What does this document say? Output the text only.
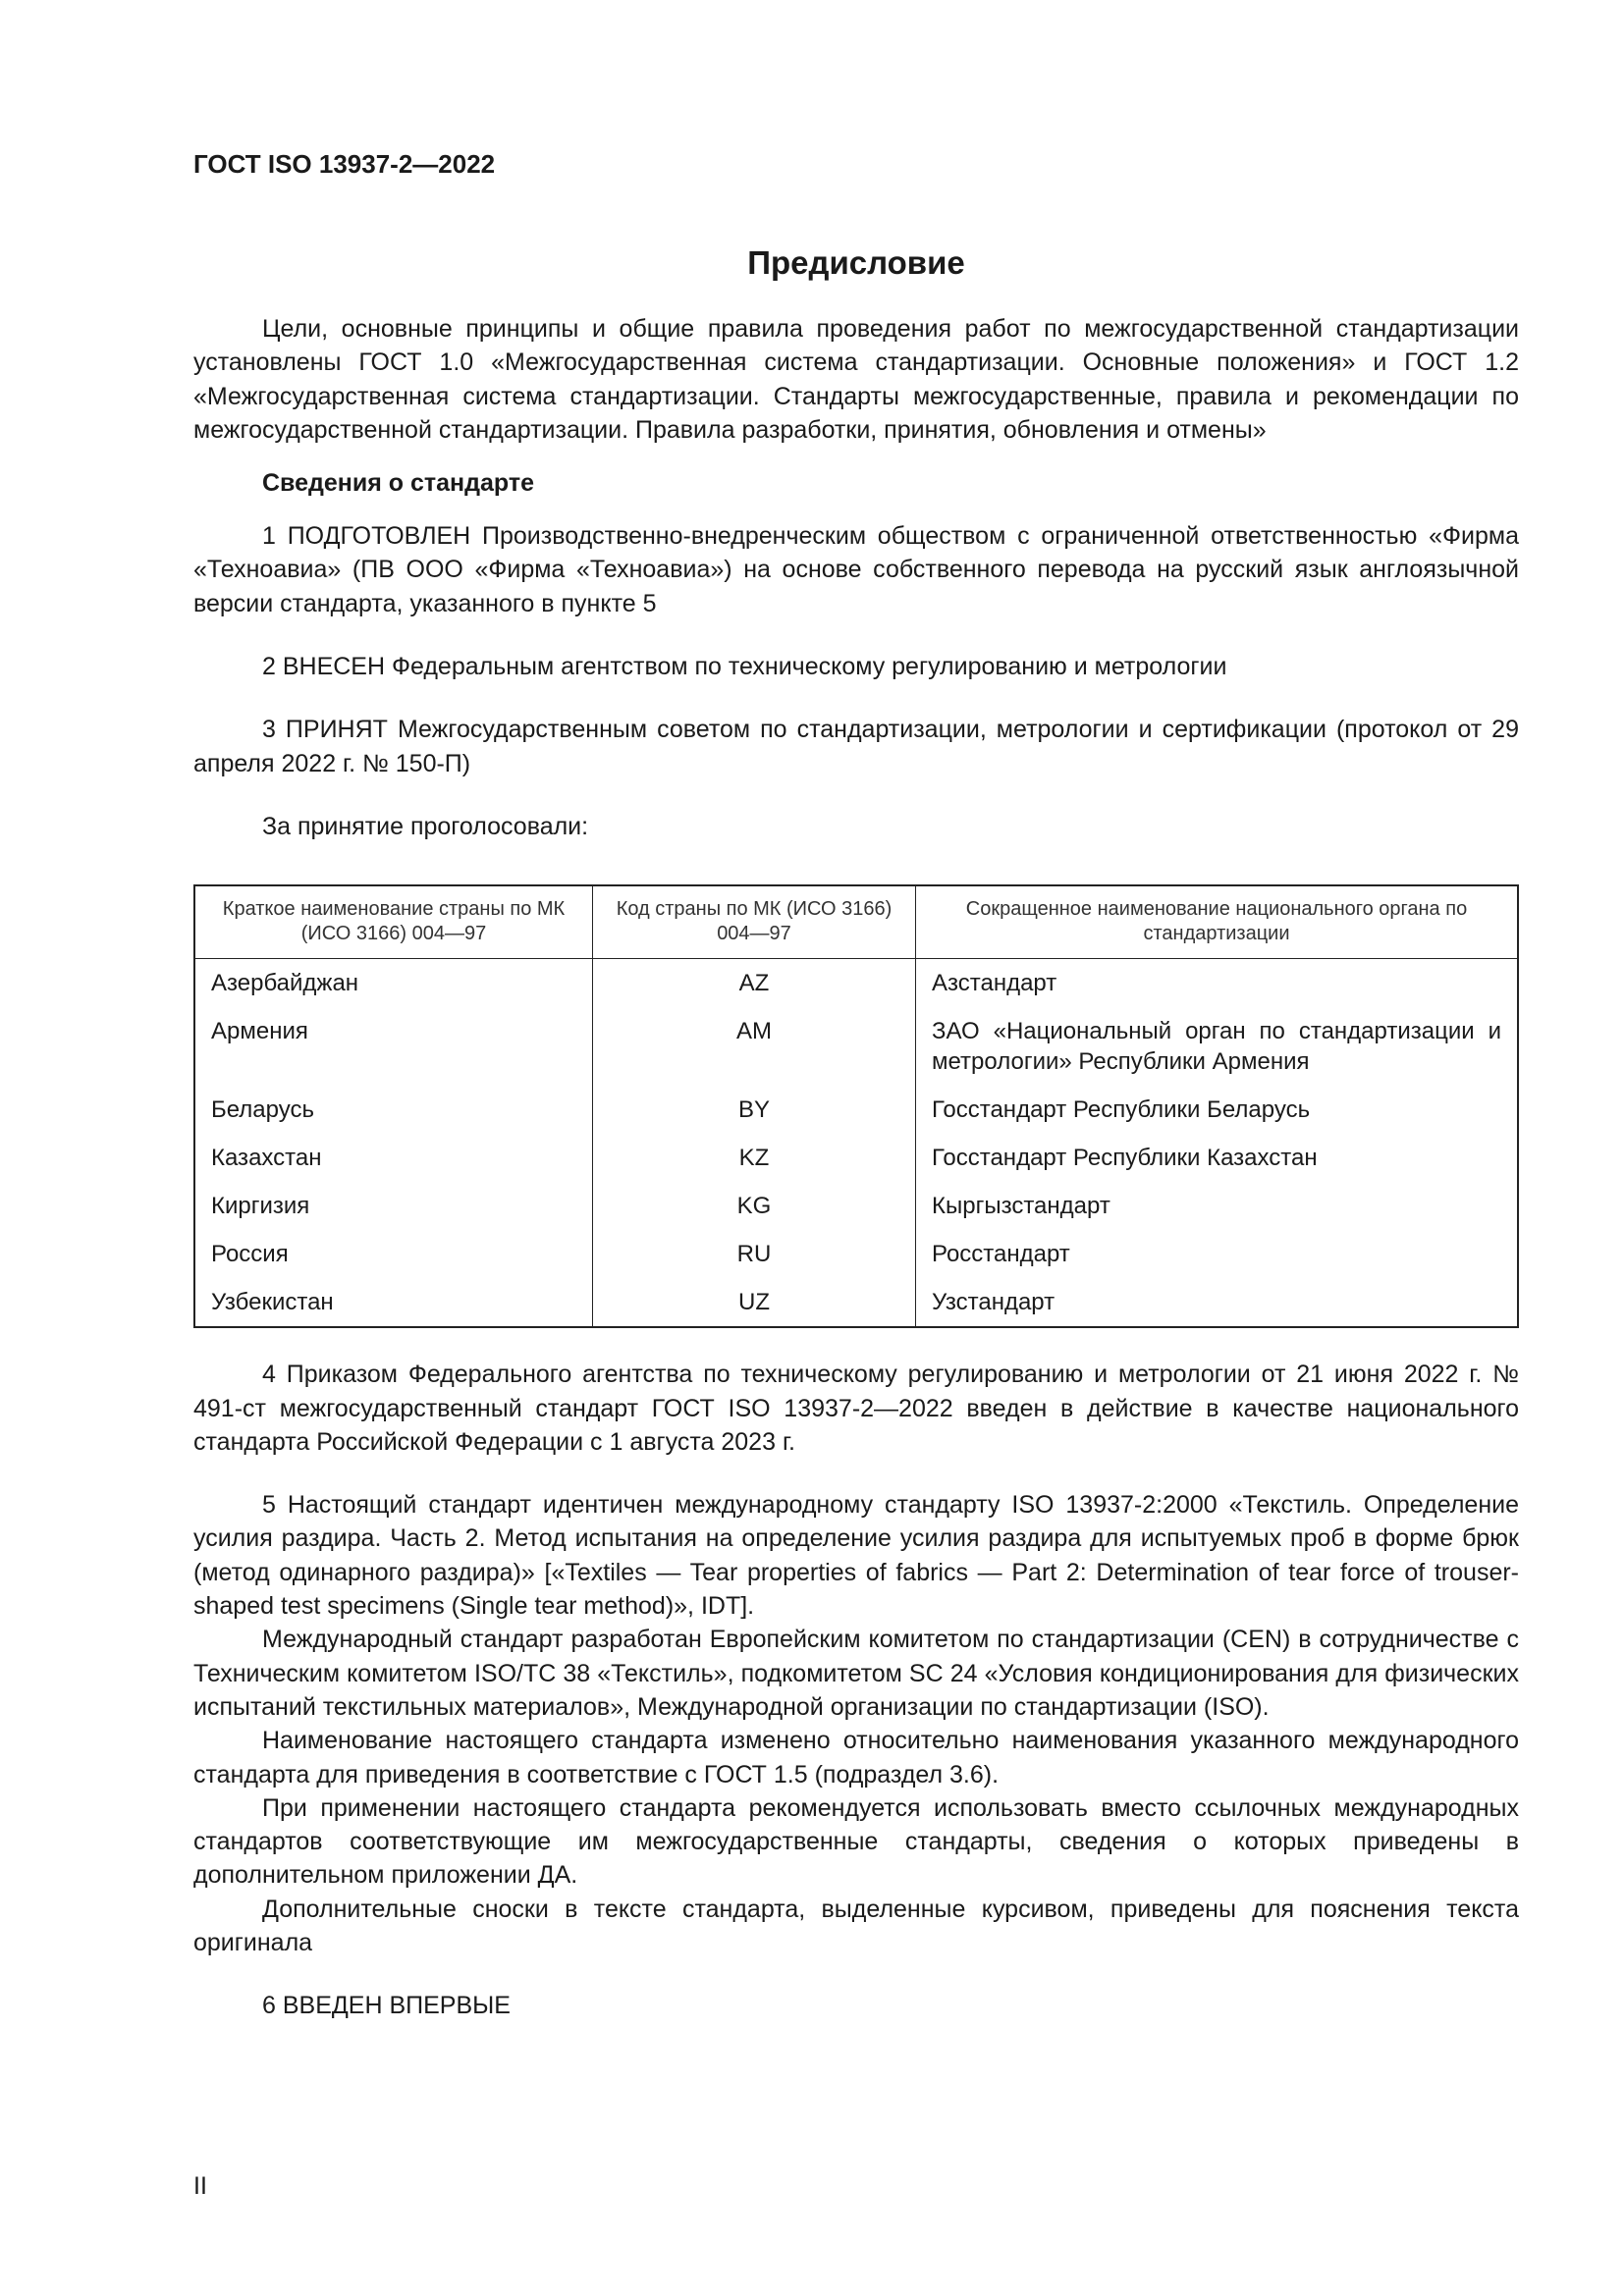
ГОСТ ISO 13937-2—2022
Предисловие

Цели, основные принципы и общие правила проведения работ по межгосударственной стандартизации установлены ГОСТ 1.0 «Межгосударственная система стандартизации. Основные положения» и ГОСТ 1.2 «Межгосударственная система стандартизации. Стандарты межгосударственные, правила и рекомендации по межгосударственной стандартизации. Правила разработки, принятия, обновления и отмены»

Сведения о стандарте

1 ПОДГОТОВЛЕН Производственно-внедренческим обществом с ограниченной ответственностью «Фирма «Техноавиа» (ПВ ООО «Фирма «Техноавиа») на основе собственного перевода на русский язык англоязычной версии стандарта, указанного в пункте 5

2 ВНЕСЕН Федеральным агентством по техническому регулированию и метрологии

3 ПРИНЯТ Межгосударственным советом по стандартизации, метрологии и сертификации (протокол от 29 апреля 2022 г. № 150-П)

За принятие проголосовали:

Краткое наименование страны по МК (ИСО 3166) 004—97	Код страны по МК (ИСО 3166) 004—97	Сокращенное наименование национального органа по стандартизации
Азербайджан	AZ	Азстандарт
Армения	AM	ЗАО «Национальный орган по стандартизации и метрологии» Республики Армения
Беларусь	BY	Госстандарт Республики Беларусь
Казахстан	KZ	Госстандарт Республики Казахстан
Киргизия	KG	Кыргызстандарт
Россия	RU	Росстандарт
Узбекистан	UZ	Узстандарт

4 Приказом Федерального агентства по техническому регулированию и метрологии от 21 июня 2022 г. № 491-ст межгосударственный стандарт ГОСТ ISO 13937-2—2022 введен в действие в качестве национального стандарта Российской Федерации с 1 августа 2023 г.

5 Настоящий стандарт идентичен международному стандарту ISO 13937-2:2000 «Текстиль. Определение усилия раздира. Часть 2. Метод испытания на определение усилия раздира для испытуемых проб в форме брюк (метод одинарного раздира)» [«Textiles — Tear properties of fabrics — Part 2: Determination of tear force of trouser-shaped test specimens (Single tear method)», IDT].

Международный стандарт разработан Европейским комитетом по стандартизации (CEN) в сотрудничестве с Техническим комитетом ISO/TC 38 «Текстиль», подкомитетом SC 24 «Условия кондиционирования для физических испытаний текстильных материалов», Международной организации по стандартизации (ISO).

Наименование настоящего стандарта изменено относительно наименования указанного международного стандарта для приведения в соответствие с ГОСТ 1.5 (подраздел 3.6).

При применении настоящего стандарта рекомендуется использовать вместо ссылочных международных стандартов соответствующие им межгосударственные стандарты, сведения о которых приведены в дополнительном приложении ДА.

Дополнительные сноски в тексте стандарта, выделенные курсивом, приведены для пояснения текста оригинала

6 ВВЕДЕН ВПЕРВЫЕ

II
